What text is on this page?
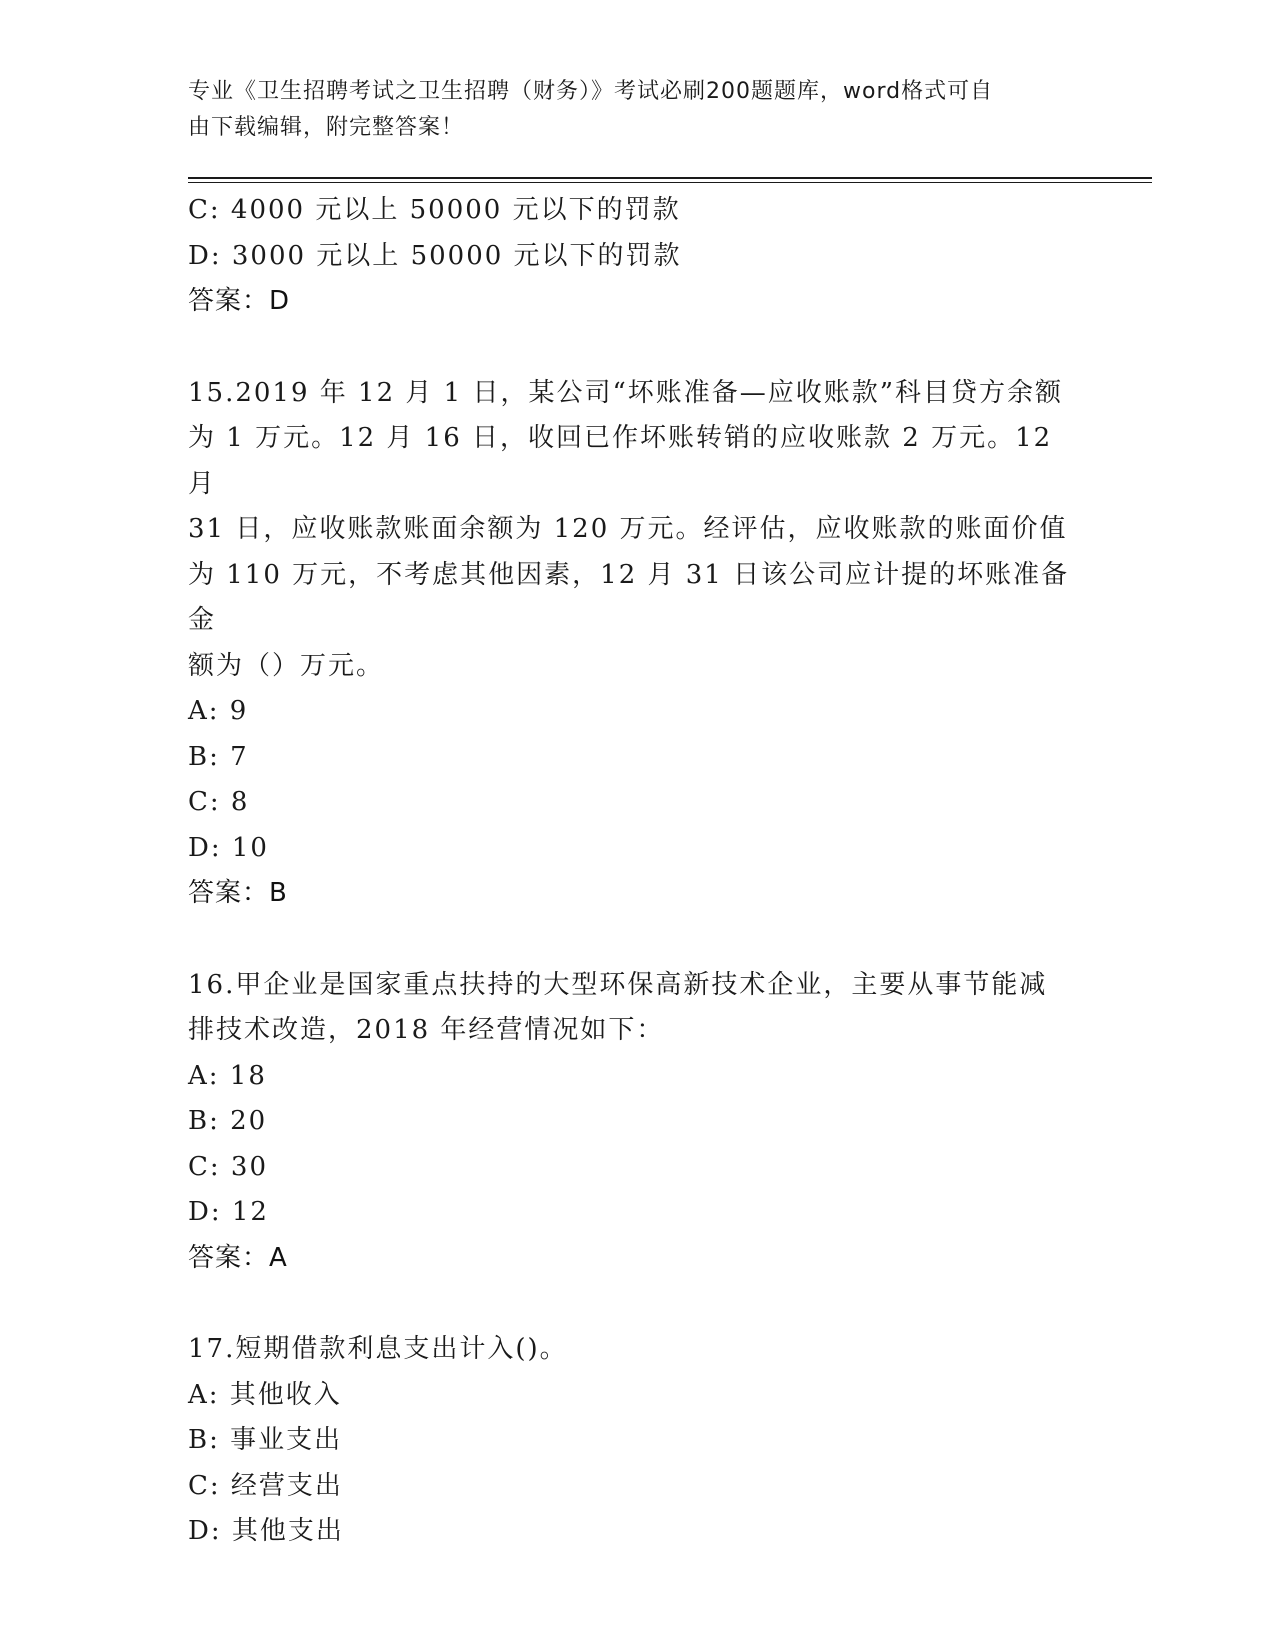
专业《卫生招聘考试之卫生招聘（财务）》考试必刷200题题库，word格式可自
由下载编辑，附完整答案！
C: 4000 元以上 50000 元以下的罚款
D: 3000 元以上 50000 元以下的罚款
答案：D
15.2019 年 12 月 1 日，某公司“坏账准备—应收账款”科目贷方余额
为 1 万元。12 月 16 日，收回已作坏账转销的应收账款 2 万元。12 月
31 日，应收账款账面余额为 120 万元。经评估，应收账款的账面价值
为 110 万元，不考虑其他因素，12 月 31 日该公司应计提的坏账准备金
额为（）万元。
A: 9
B: 7
C: 8
D: 10
答案：B
16.甲企业是国家重点扶持的大型环保高新技术企业，主要从事节能减
排技术改造，2018 年经营情况如下：
A: 18
B: 20
C: 30
D: 12
答案：A
17.短期借款利息支出计入()。
A: 其他收入
B: 事业支出
C: 经营支出
D: 其他支出
